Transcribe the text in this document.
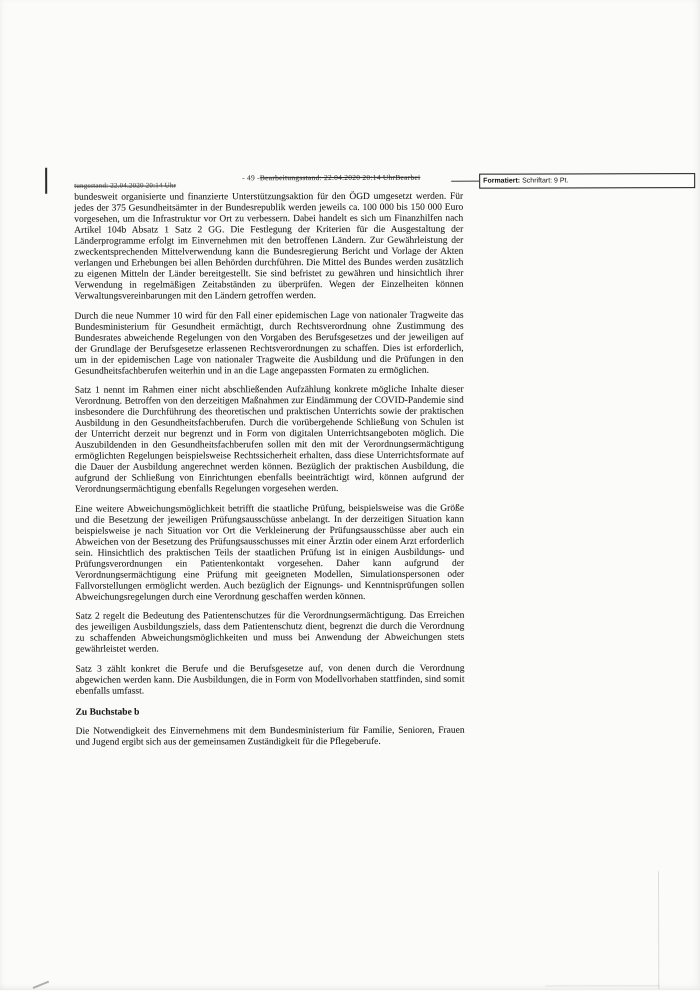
tungsstand: 22.04.2020 20:14 Uhr
- 49 -Bearbeitungsstand: 22.04.2020 20:14 UhrBearbei	Formatiert: Schriftart: 9 Pt.

bundesweit organisierte und finanzierte Unterstützungsaktion für den ÖGD umgesetzt werden. Für jedes der 375 Gesundheitsämter in der Bundesrepublik werden jeweils ca. 100 000 bis 150 000 Euro vorgesehen, um die Infrastruktur vor Ort zu verbessern. Dabei handelt es sich um Finanzhilfen nach Artikel 104b Absatz 1 Satz 2 GG. Die Festlegung der Kriterien für die Ausgestaltung der Länderprogramme erfolgt im Einvernehmen mit den betroffenen Ländern. Zur Gewährleistung der zweckentsprechenden Mittelverwendung kann die Bundesregierung Bericht und Vorlage der Akten verlangen und Erhebungen bei allen Behörden durchführen. Die Mittel des Bundes werden zusätzlich zu eigenen Mitteln der Länder bereitgestellt. Sie sind befristet zu gewähren und hinsichtlich ihrer Verwendung in regelmäßigen Zeitabständen zu überprüfen. Wegen der Einzelheiten können Verwaltungsvereinbarungen mit den Ländern getroffen werden.

Durch die neue Nummer 10 wird für den Fall einer epidemischen Lage von nationaler Tragweite das Bundesministerium für Gesundheit ermächtigt, durch Rechtsverordnung ohne Zustimmung des Bundesrates abweichende Regelungen von den Vorgaben des Berufsgesetzes und der jeweiligen auf der Grundlage der Berufsgesetze erlassenen Rechtsverordnungen zu schaffen. Dies ist erforderlich, um in der epidemischen Lage von nationaler Tragweite die Ausbildung und die Prüfungen in den Gesundheitsfachberufen weiterhin und in an die Lage angepassten Formaten zu ermöglichen.

Satz 1 nennt im Rahmen einer nicht abschließenden Aufzählung konkrete mögliche Inhalte dieser Verordnung. Betroffen von den derzeitigen Maßnahmen zur Eindämmung der COVID-Pandemie sind insbesondere die Durchführung des theoretischen und praktischen Unterrichts sowie der praktischen Ausbildung in den Gesundheitsfachberufen. Durch die vorübergehende Schließung von Schulen ist der Unterricht derzeit nur begrenzt und in Form von digitalen Unterrichtsangeboten möglich. Die Auszubildenden in den Gesundheitsfachberufen sollen mit den mit der Verordnungsermächtigung ermöglichten Regelungen beispielsweise Rechtssicherheit erhalten, dass diese Unterrichtsformate auf die Dauer der Ausbildung angerechnet werden können. Bezüglich der praktischen Ausbildung, die aufgrund der Schließung von Einrichtungen ebenfalls beeinträchtigt wird, können aufgrund der Verordnungsermächtigung ebenfalls Regelungen vorgesehen werden.

Eine weitere Abweichungsmöglichkeit betrifft die staatliche Prüfung, beispielsweise was die Größe und die Besetzung der jeweiligen Prüfungsausschüsse anbelangt. In der derzeitigen Situation kann beispielsweise je nach Situation vor Ort die Verkleinerung der Prüfungsausschüsse aber auch ein Abweichen von der Besetzung des Prüfungsausschusses mit einer Ärztin oder einem Arzt erforderlich sein. Hinsichtlich des praktischen Teils der staatlichen Prüfung ist in einigen Ausbildungs- und Prüfungsverordnungen ein Patientenkontakt vorgesehen. Daher kann aufgrund der Verordnungsermächtigung eine Prüfung mit geeigneten Modellen, Simulationspersonen oder Fallvorstellungen ermöglicht werden. Auch bezüglich der Eignungs- und Kenntnisprüfungen sollen Abweichungsregelungen durch eine Verordnung geschaffen werden können.

Satz 2 regelt die Bedeutung des Patientenschutzes für die Verordnungsermächtigung. Das Erreichen des jeweiligen Ausbildungsziels, dass dem Patientenschutz dient, begrenzt die durch die Verordnung zu schaffenden Abweichungsmöglichkeiten und muss bei Anwendung der Abweichungen stets gewährleistet werden.

Satz 3 zählt konkret die Berufe und die Berufsgesetze auf, von denen durch die Verordnung abgewichen werden kann. Die Ausbildungen, die in Form von Modellvorhaben stattfinden, sind somit ebenfalls umfasst.

Zu Buchstabe b

Die Notwendigkeit des Einvernehmens mit dem Bundesministerium für Familie, Senioren, Frauen und Jugend ergibt sich aus der gemeinsamen Zuständigkeit für die Pflegeberufe.
